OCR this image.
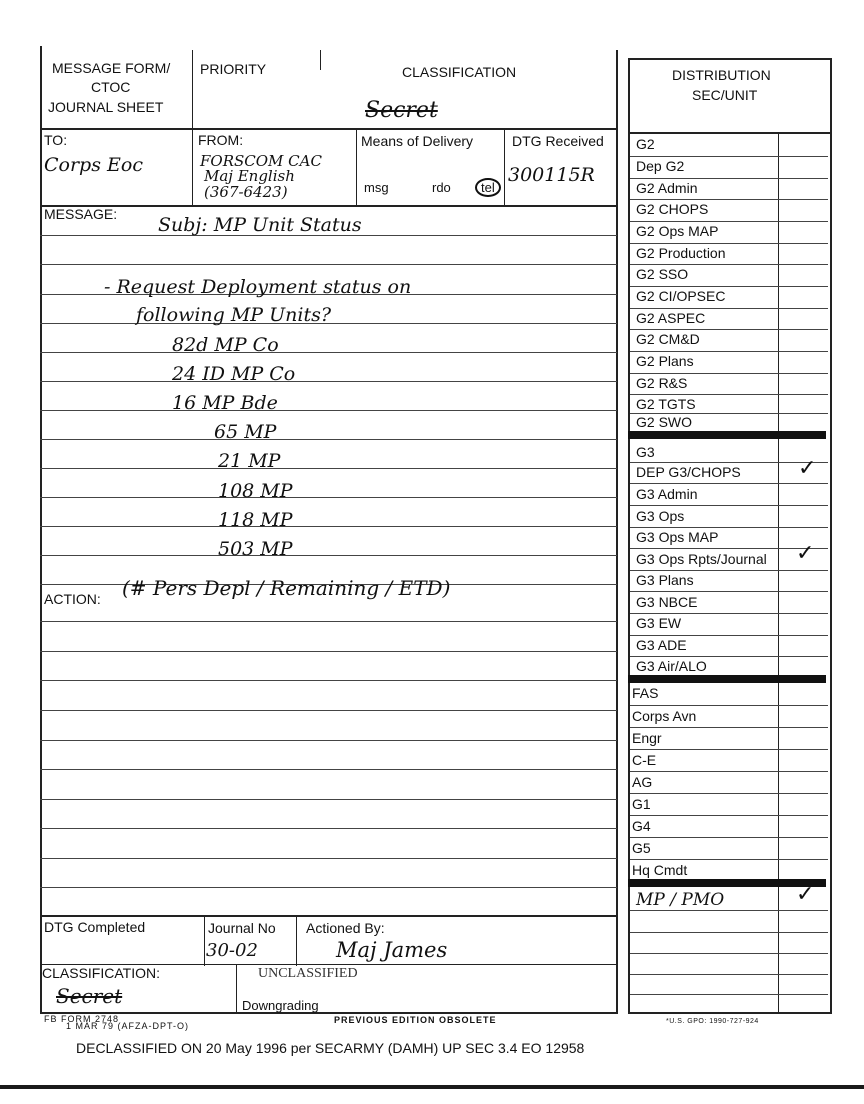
MESSAGE FORM/
CTOC
JOURNAL SHEET
PRIORITY	CLASSIFICATION
Secret
TO:
Corps Eoc
FROM:
FORSCOM CAC
Maj English
(367-6423)
Means of Delivery
msg	rdo	tel
DTG Received
300115R
MESSAGE: Subj: MP Unit Status
- Request Deployment status on
following MP Units?
82d MP Co
24 ID MP Co
16 MP Bde
65 MP
21 MP
108 MP
118 MP
503 MP
ACTION: (# Pers Depl / Remaining / ETD)
DTG Completed	Journal No
30-02
Actioned By:
Maj James
CLASSIFICATION:
Secret
UNCLASSIFIED
Downgrading
FB FORM 2748
1 MAR 79 (AFZA-DPT-O)
PREVIOUS EDITION OBSOLETE
DECLASSIFIED ON 20 May 1996 per SECARMY (DAMH) UP SEC 3.4 EO 12958
DISTRIBUTION
SEC/UNIT
G2
Dep G2
G2 Admin
G2 CHOPS
G2 Ops MAP
G2 Production
G2 SSO
G2 CI/OPSEC
G2 ASPEC
G2 CM&D
G2 Plans
G2 R&S
G2 TGTS
G2 SWO
G3
DEP G3/CHOPS	✓
G3 Admin
G3 Ops
G3 Ops MAP
G3 Ops Rpts/Journal ✓
G3 Plans
G3 NBCE
G3 EW
G3 ADE
G3 Air/ALO
FAS
Corps Avn
Engr
C-E
AG
G1
G4
G5
Hq Cmdt
MP / PMO	✓
*U.S. GPO: 1990-727-924
